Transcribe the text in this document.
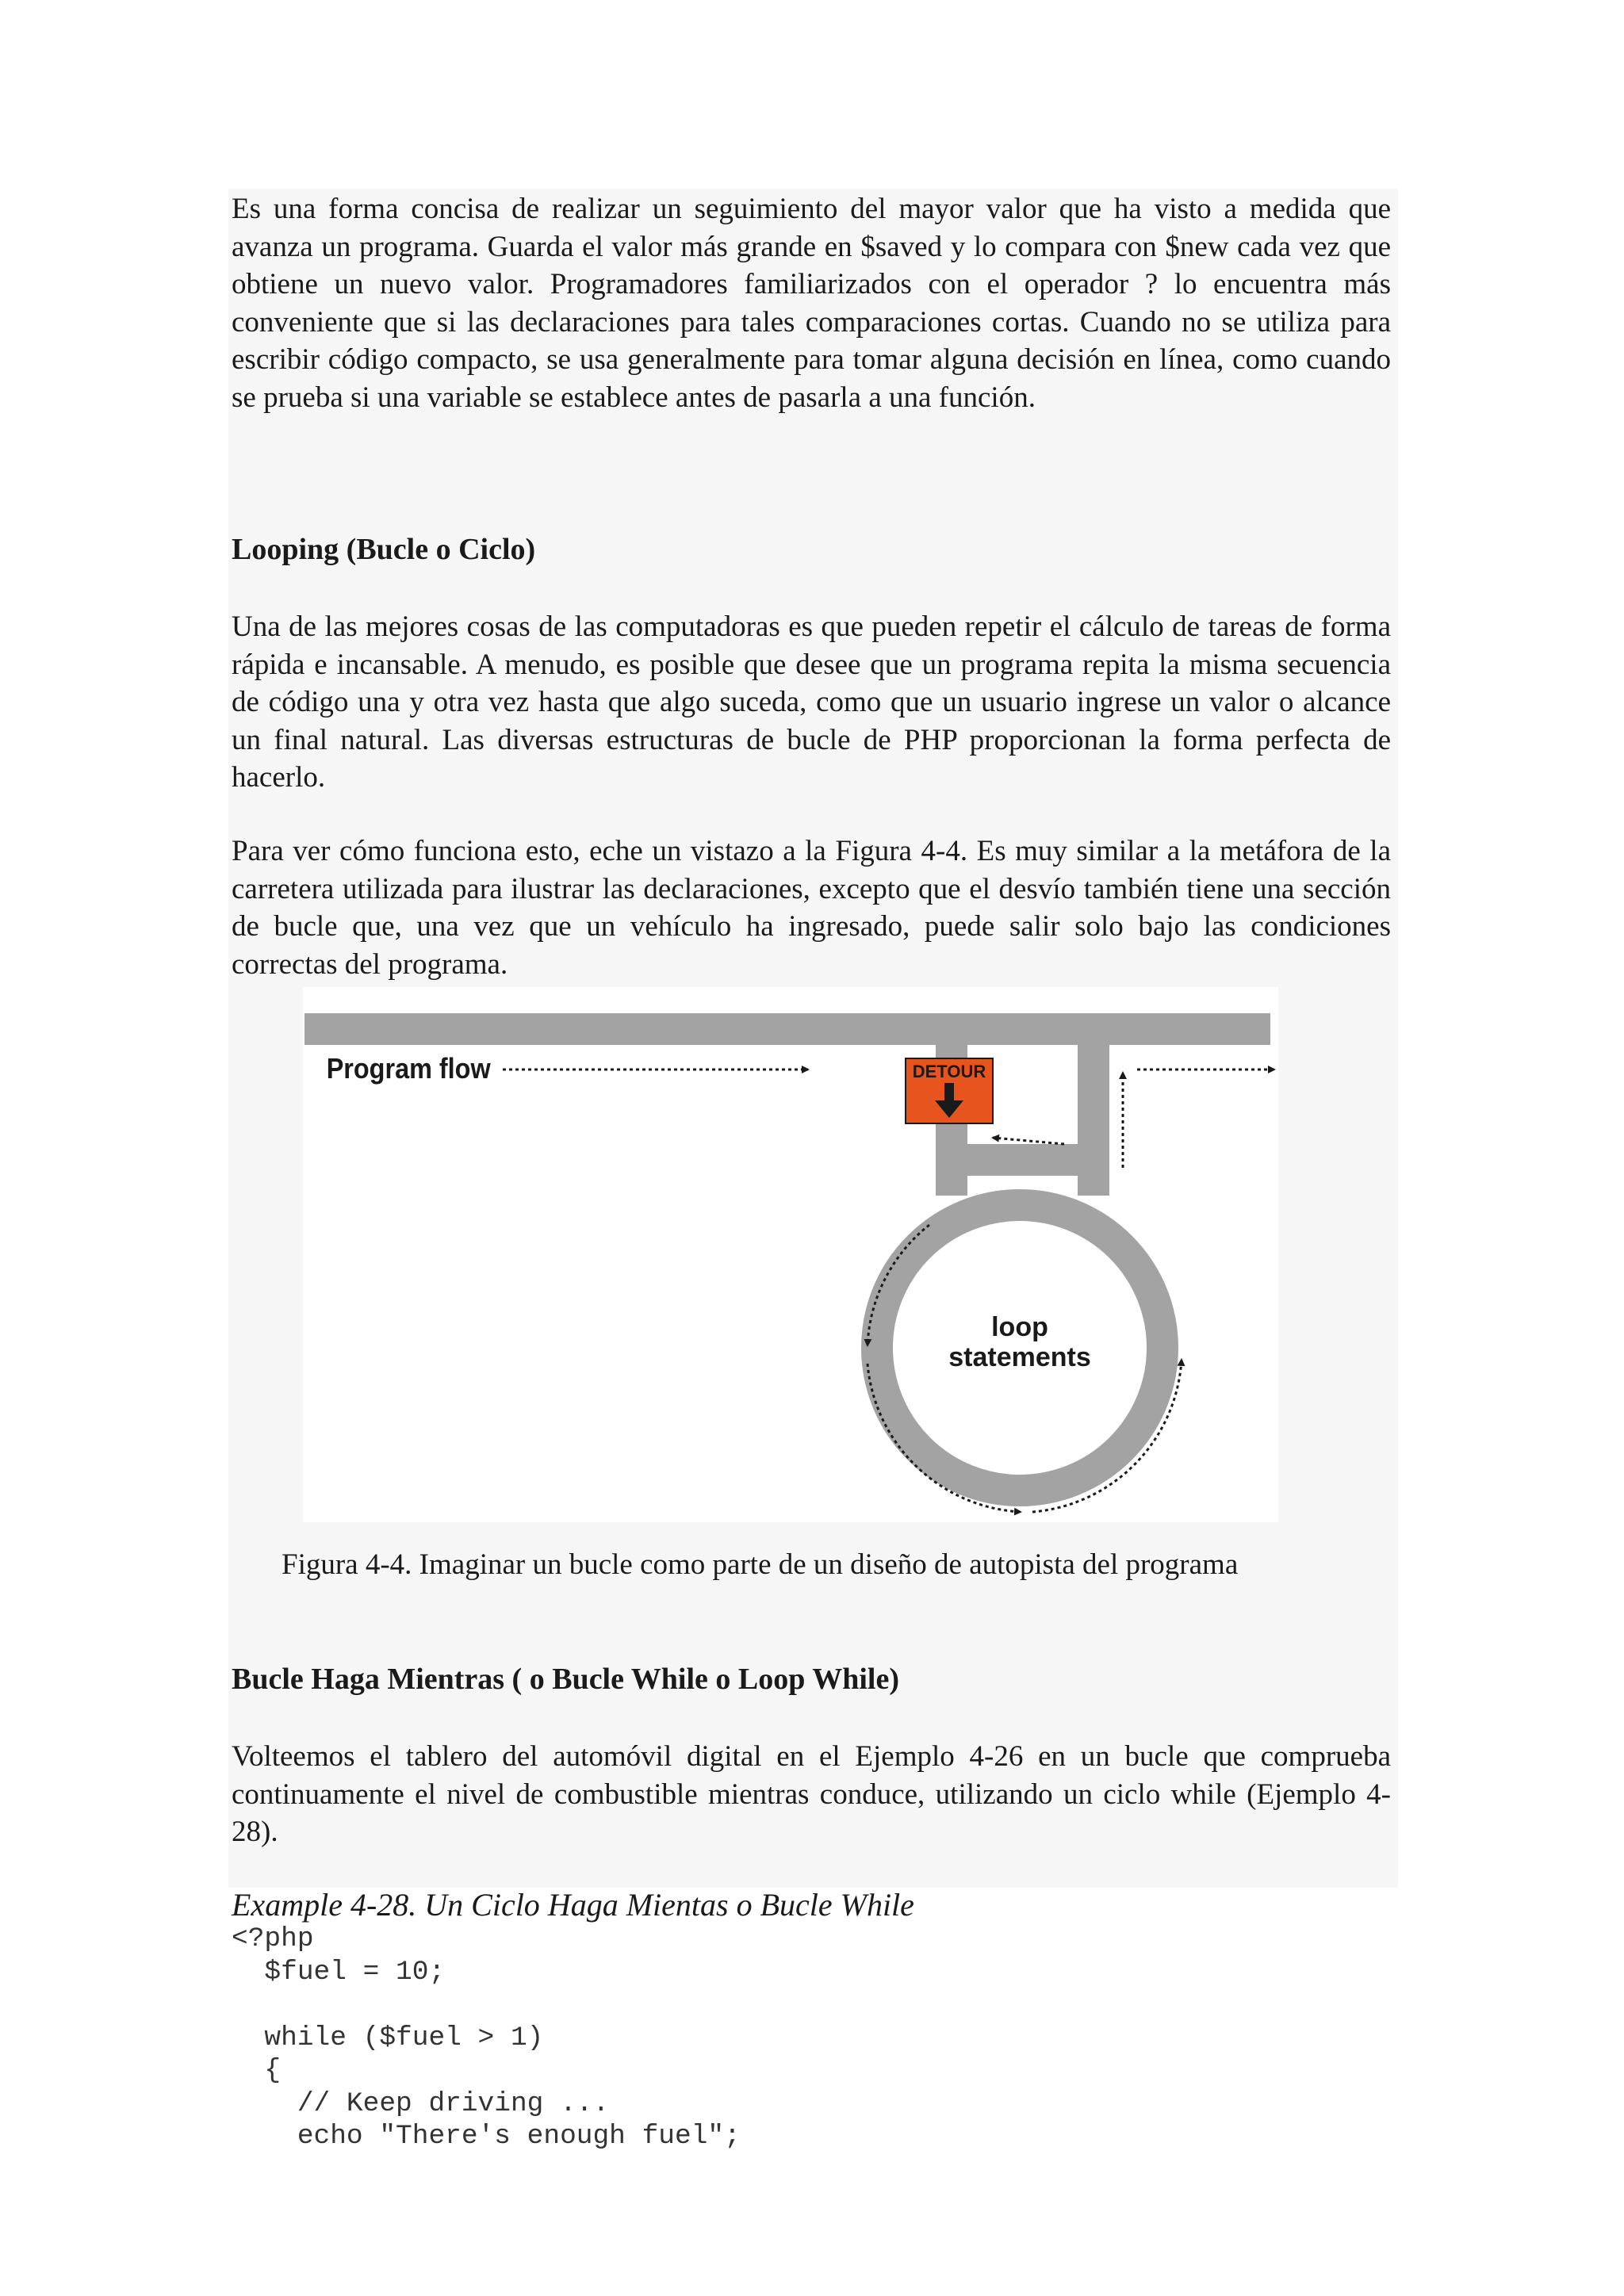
Es una forma concisa de realizar un seguimiento del mayor valor que ha visto a medida que avanza un programa. Guarda el valor más grande en $saved y lo compara con $new cada vez que obtiene un nuevo valor. Programadores familiarizados con el operador ? lo encuentra más conveniente que si las declaraciones para tales comparaciones cortas. Cuando no se utiliza para escribir código compacto, se usa generalmente para tomar alguna decisión en línea, como cuando se prueba si una variable se establece antes de pasarla a una función.

Looping (Bucle o Ciclo)

Una de las mejores cosas de las computadoras es que pueden repetir el cálculo de tareas de forma rápida e incansable. A menudo, es posible que desee que un programa repita la misma secuencia de código una y otra vez hasta que algo suceda, como que un usuario ingrese un valor o alcance un final natural. Las diversas estructuras de bucle de PHP proporcionan la forma perfecta de hacerlo.

Para ver cómo funciona esto, eche un vistazo a la Figura 4-4. Es muy similar a la metáfora de la carretera utilizada para ilustrar las declaraciones, excepto que el desvío también tiene una sección de bucle que, una vez que un vehículo ha ingresado, puede salir solo bajo las condiciones correctas del programa.

Program flow	DETOUR
loop
statements

Figura 4-4. Imaginar un bucle como parte de un diseño de autopista del programa

Bucle Haga Mientras ( o Bucle While o Loop While)

Volteemos el tablero del automóvil digital en el Ejemplo 4-26 en un bucle que comprueba continuamente el nivel de combustible mientras conduce, utilizando un ciclo while (Ejemplo 4-28).

Example 4-28. Un Ciclo Haga Mientas o Bucle While

<?php
$fuel = 10;

while ($fuel > 1)
{
// Keep driving ...
echo "There's enough fuel";
